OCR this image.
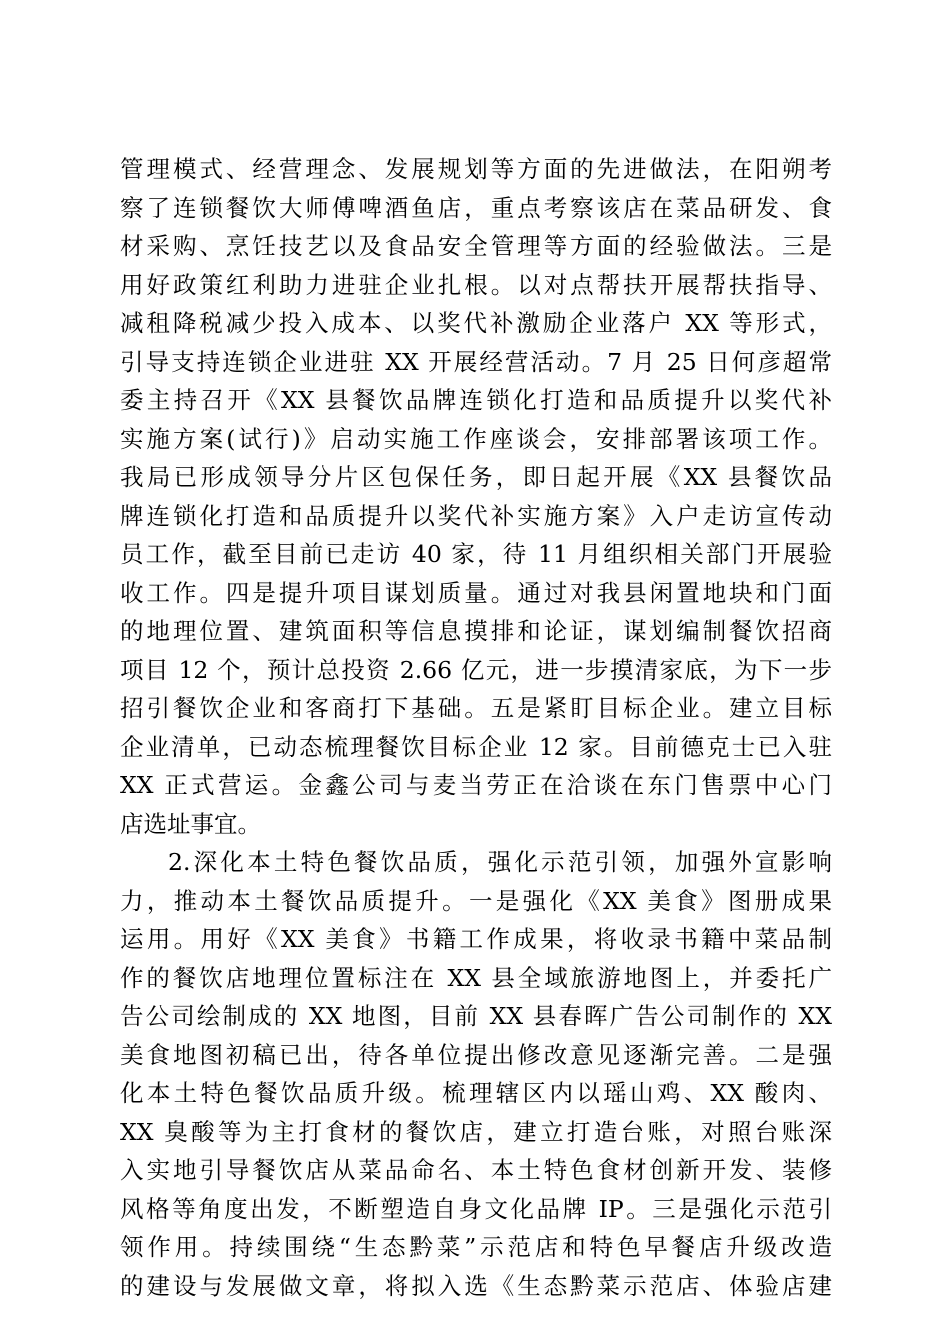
管理模式、经营理念、发展规划等方面的先进做法，在阳朔考
察了连锁餐饮大师傅啤酒鱼店，重点考察该店在菜品研发、食
材采购、烹饪技艺以及食品安全管理等方面的经验做法。三是
用好政策红利助力进驻企业扎根。以对点帮扶开展帮扶指导、
减租降税减少投入成本、以奖代补激励企业落户 XX 等形式，
引导支持连锁企业进驻 XX 开展经营活动。7 月 25 日何彦超常
委主持召开《XX 县餐饮品牌连锁化打造和品质提升以奖代补
实施方案(试行)》启动实施工作座谈会，安排部署该项工作。
我局已形成领导分片区包保任务，即日起开展《XX 县餐饮品
牌连锁化打造和品质提升以奖代补实施方案》入户走访宣传动
员工作，截至目前已走访 40 家，待 11 月组织相关部门开展验
收工作。四是提升项目谋划质量。通过对我县闲置地块和门面
的地理位置、建筑面积等信息摸排和论证，谋划编制餐饮招商
项目 12 个，预计总投资 2.66 亿元，进一步摸清家底，为下一步
招引餐饮企业和客商打下基础。五是紧盯目标企业。建立目标
企业清单，已动态梳理餐饮目标企业 12 家。目前德克士已入驻
XX 正式营运。金鑫公司与麦当劳正在洽谈在东门售票中心门
店选址事宜。
2.深化本土特色餐饮品质，强化示范引领，加强外宣影响
力，推动本土餐饮品质提升。一是强化《XX 美食》图册成果
运用。用好《XX 美食》书籍工作成果，将收录书籍中菜品制
作的餐饮店地理位置标注在 XX 县全域旅游地图上，并委托广
告公司绘制成的 XX 地图，目前 XX 县春晖广告公司制作的 XX
美食地图初稿已出，待各单位提出修改意见逐渐完善。二是强
化本土特色餐饮品质升级。梳理辖区内以瑶山鸡、XX 酸肉、
XX 臭酸等为主打食材的餐饮店，建立打造台账，对照台账深
入实地引导餐饮店从菜品命名、本土特色食材创新开发、装修
风格等角度出发，不断塑造自身文化品牌 IP。三是强化示范引
领作用。持续围绕“生态黔菜”示范店和特色早餐店升级改造
的建设与发展做文章，将拟入选《生态黔菜示范店、体验店建
